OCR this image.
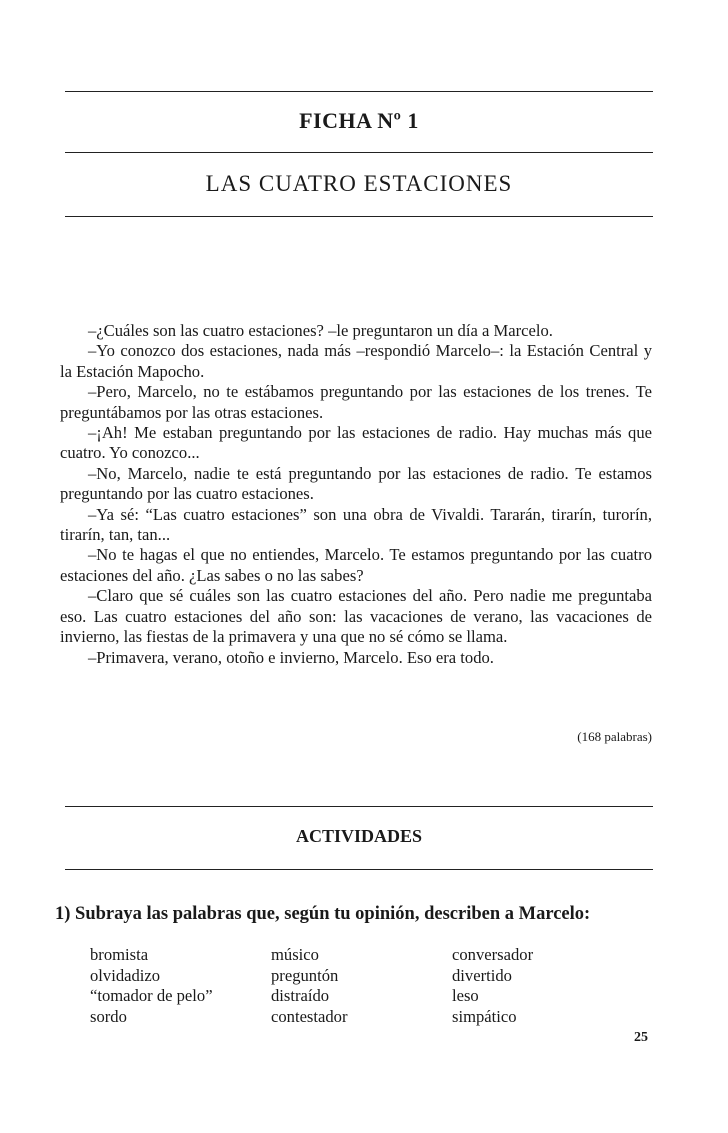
FICHA Nº 1
LAS CUATRO ESTACIONES

–¿Cuáles son las cuatro estaciones? –le preguntaron un día a Marcelo.

–Yo conozco dos estaciones, nada más –respondió Marcelo–: la Estación Central y la Estación Mapocho.

–Pero, Marcelo, no te estábamos preguntando por las estaciones de los trenes. Te preguntábamos por las otras estaciones.

–¡Ah! Me estaban preguntando por las estaciones de radio. Hay muchas más que cuatro. Yo conozco...

–No, Marcelo, nadie te está preguntando por las estaciones de radio. Te estamos preguntando por las cuatro estaciones.

–Ya sé: “Las cuatro estaciones” son una obra de Vivaldi. Tararán, tirarín, turorín, tirarín, tan, tan...

–No te hagas el que no entiendes, Marcelo. Te estamos preguntando por las cuatro estaciones del año. ¿Las sabes o no las sabes?

–Claro que sé cuáles son las cuatro estaciones del año. Pero nadie me preguntaba eso. Las cuatro estaciones del año son: las vacaciones de verano, las vacaciones de invierno, las fiestas de la primavera y una que no sé cómo se llama.

–Primavera, verano, otoño e invierno, Marcelo. Eso era todo.

(168 palabras)
ACTIVIDADES
1) Subraya las palabras que, según tu opinión, describen a Marcelo:
bromista
olvidadizo
“tomador de pelo”
sordo
músico
preguntón
distraído
contestador
conversador
divertido
leso
simpático
25
